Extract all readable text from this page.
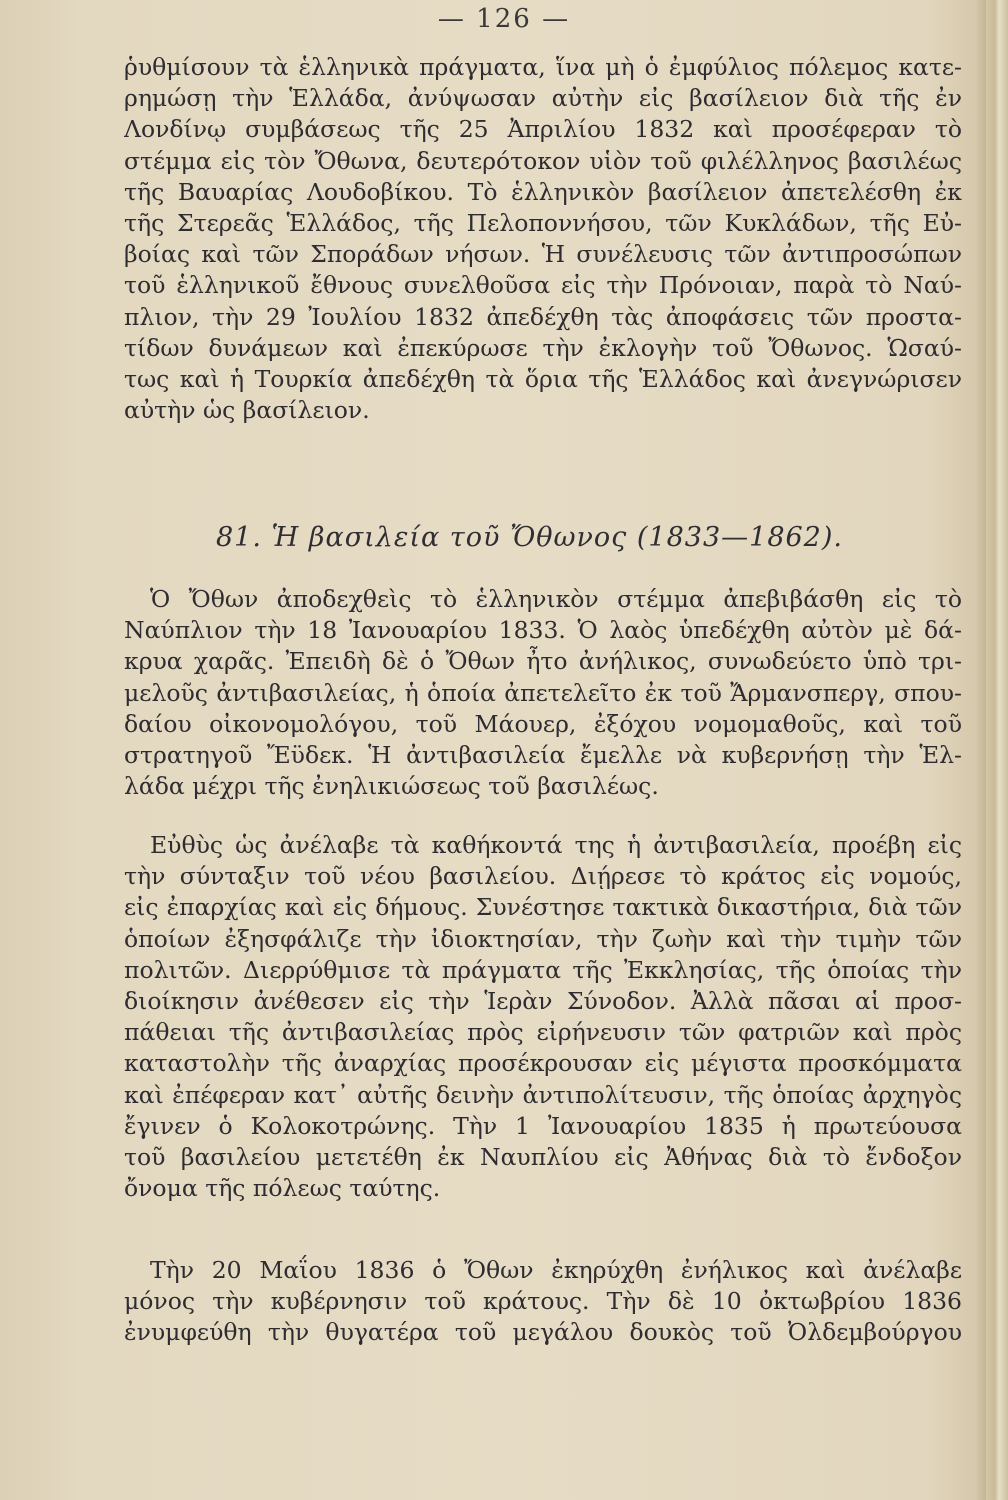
— 126 —
ῥυθμίσουν τὰ ἑλληνικὰ πράγματα, ἵνα μὴ ὁ ἐμφύλιος πόλεμος κατε-
ρημώσῃ τὴν Ἑλλάδα, ἀνύψωσαν αὐτὴν εἰς βασίλειον διὰ τῆς ἐν
Λονδίνῳ συμβάσεως τῆς 25 Ἀπριλίου 1832 καὶ προσέφεραν τὸ
στέμμα εἰς τὸν Ὄθωνα, δευτερότοκον υἱὸν τοῦ φιλέλληνος βασιλέως
τῆς Βαυαρίας Λουδοβίκου. Τὸ ἑλληνικὸν βασίλειον ἀπετελέσθη ἐκ
τῆς Στερεᾶς Ἑλλάδος, τῆς Πελοποννήσου, τῶν Κυκλάδων, τῆς Εὐ-
βοίας καὶ τῶν Σποράδων νήσων. Ἡ συνέλευσις τῶν ἀντιπροσώπων
τοῦ ἑλληνικοῦ ἔθνους συνελθοῦσα εἰς τὴν Πρόνοιαν, παρὰ τὸ Ναύ-
πλιον, τὴν 29 Ἰουλίου 1832 ἀπεδέχθη τὰς ἀποφάσεις τῶν προστα-
τίδων δυνάμεων καὶ ἐπεκύρωσε τὴν ἐκλογὴν τοῦ Ὄθωνος. Ὡσαύ-
τως καὶ ἡ Τουρκία ἀπεδέχθη τὰ ὅρια τῆς Ἑλλάδος καὶ ἀνεγνώρισεν
αὐτὴν ὡς βασίλειον.
81. Ἡ βασιλεία τοῦ Ὄθωνος (1833—1862).
Ὁ Ὄθων ἀποδεχθεὶς τὸ ἑλληνικὸν στέμμα ἀπεβιβάσθη εἰς τὸ
Ναύπλιον τὴν 18 Ἰανουαρίου 1833. Ὁ λαὸς ὑπεδέχθη αὐτὸν μὲ δά-
κρυα χαρᾶς. Ἐπειδὴ δὲ ὁ Ὄθων ἦτο ἀνήλικος, συνωδεύετο ὑπὸ τρι-
μελοῦς ἀντιβασιλείας, ἡ ὁποία ἀπετελεῖτο ἐκ τοῦ Ἄρμανσπεργ, σπου-
δαίου οἰκονομολόγου, τοῦ Μάουερ, ἐξόχου νομομαθοῦς, καὶ τοῦ
στρατηγοῦ Ἔϋδεκ. Ἡ ἀντιβασιλεία ἔμελλε νὰ κυβερνήσῃ τὴν Ἑλ-
λάδα μέχρι τῆς ἐνηλικιώσεως τοῦ βασιλέως.
Εὐθὺς ὡς ἀνέλαβε τὰ καθήκοντά της ἡ ἀντιβασιλεία, προέβη εἰς
τὴν σύνταξιν τοῦ νέου βασιλείου. Διῄρεσε τὸ κράτος εἰς νομούς,
εἰς ἐπαρχίας καὶ εἰς δήμους. Συνέστησε τακτικὰ δικαστήρια, διὰ τῶν
ὁποίων ἐξησφάλιζε τὴν ἰδιοκτησίαν, τὴν ζωὴν καὶ τὴν τιμὴν τῶν
πολιτῶν. Διερρύθμισε τὰ πράγματα τῆς Ἐκκλησίας, τῆς ὁποίας τὴν
διοίκησιν ἀνέθεσεν εἰς τὴν Ἱερὰν Σύνοδον. Ἀλλὰ πᾶσαι αἱ προσ-
πάθειαι τῆς ἀντιβασιλείας πρὸς εἰρήνευσιν τῶν φατριῶν καὶ πρὸς
καταστολὴν τῆς ἀναρχίας προσέκρουσαν εἰς μέγιστα προσκόμματα
καὶ ἐπέφεραν κατ᾽ αὐτῆς δεινὴν ἀντιπολίτευσιν, τῆς ὁποίας ἀρχηγὸς
ἔγινεν ὁ Κολοκοτρώνης. Τὴν 1 Ἰανουαρίου 1835 ἡ πρωτεύουσα
τοῦ βασιλείου μετετέθη ἐκ Ναυπλίου εἰς Ἀθήνας διὰ τὸ ἔνδοξον
ὄνομα τῆς πόλεως ταύτης.
Τὴν 20 Μαΐου 1836 ὁ Ὄθων ἐκηρύχθη ἐνήλικος καὶ ἀνέλαβε
μόνος τὴν κυβέρνησιν τοῦ κράτους. Τὴν δὲ 10 ὀκτωβρίου 1836
ἐνυμφεύθη τὴν θυγατέρα τοῦ μεγάλου δουκὸς τοῦ Ὀλδεμβούργου
